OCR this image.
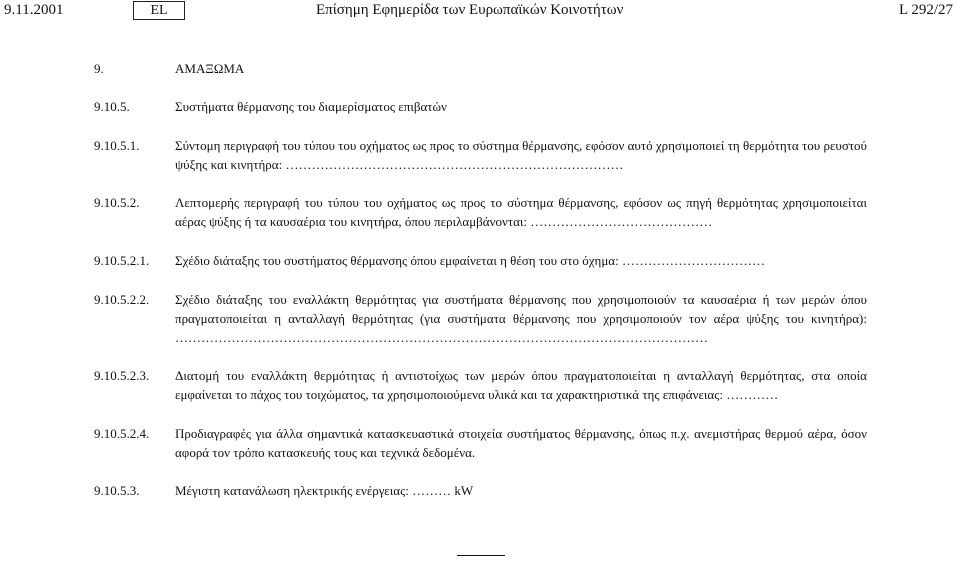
9.11.2001	EL	Επίσημη Εφημερίδα των Ευρωπαϊκών Κοινοτήτων	L 292/27
9.	ΑΜΑΞΩΜΑ
9.10.5.	Συστήματα θέρμανσης του διαμερίσματος επιβατών
9.10.5.1.	Σύντομη περιγραφή του τύπου του οχήματος ως προς το σύστημα θέρμανσης, εφόσον αυτό χρησιμοποιεί τη θερμότητα του ρευστού ψύξης και κινητήρα: ……………………………………………………………………
9.10.5.2.	Λεπτομερής περιγραφή του τύπου του οχήματος ως προς το σύστημα θέρμανσης, εφόσον ως πηγή θερμότητας χρησιμοποιείται αέρας ψύξης ή τα καυσαέρια του κινητήρα, όπου περιλαμβάνονται: ……………………………………
9.10.5.2.1. Σχέδιο διάταξης του συστήματος θέρμανσης όπου εμφαίνεται η θέση του στο όχημα: ……………………………
9.10.5.2.2. Σχέδιο διάταξης του εναλλάκτη θερμότητας για συστήματα θέρμανσης που χρησιμοποιούν τα καυσαέρια ή των μερών όπου πραγματοποιείται η ανταλλαγή θερμότητας (για συστήματα θέρμανσης που χρησιμοποιούν τον αέρα ψύξης του κινητήρα): ……………………………………………………………………………………………………………
9.10.5.2.3. Διατομή του εναλλάκτη θερμότητας ή αντιστοίχως των μερών όπου πραγματοποιείται η ανταλλαγή θερμότητας, στα οποία εμφαίνεται το πάχος του τοιχώματος, τα χρησιμοποιούμενα υλικά και τα χαρακτηριστικά της επιφάνειας: …………
9.10.5.2.4. Προδιαγραφές για άλλα σημαντικά κατασκευαστικά στοιχεία συστήματος θέρμανσης, όπως π.χ. ανεμιστήρας θερμού αέρα, όσον αφορά τον τρόπο κατασκευής τους και τεχνικά δεδομένα.
9.10.5.3.	Μέγιστη κατανάλωση ηλεκτρικής ενέργειας: ……… kW
